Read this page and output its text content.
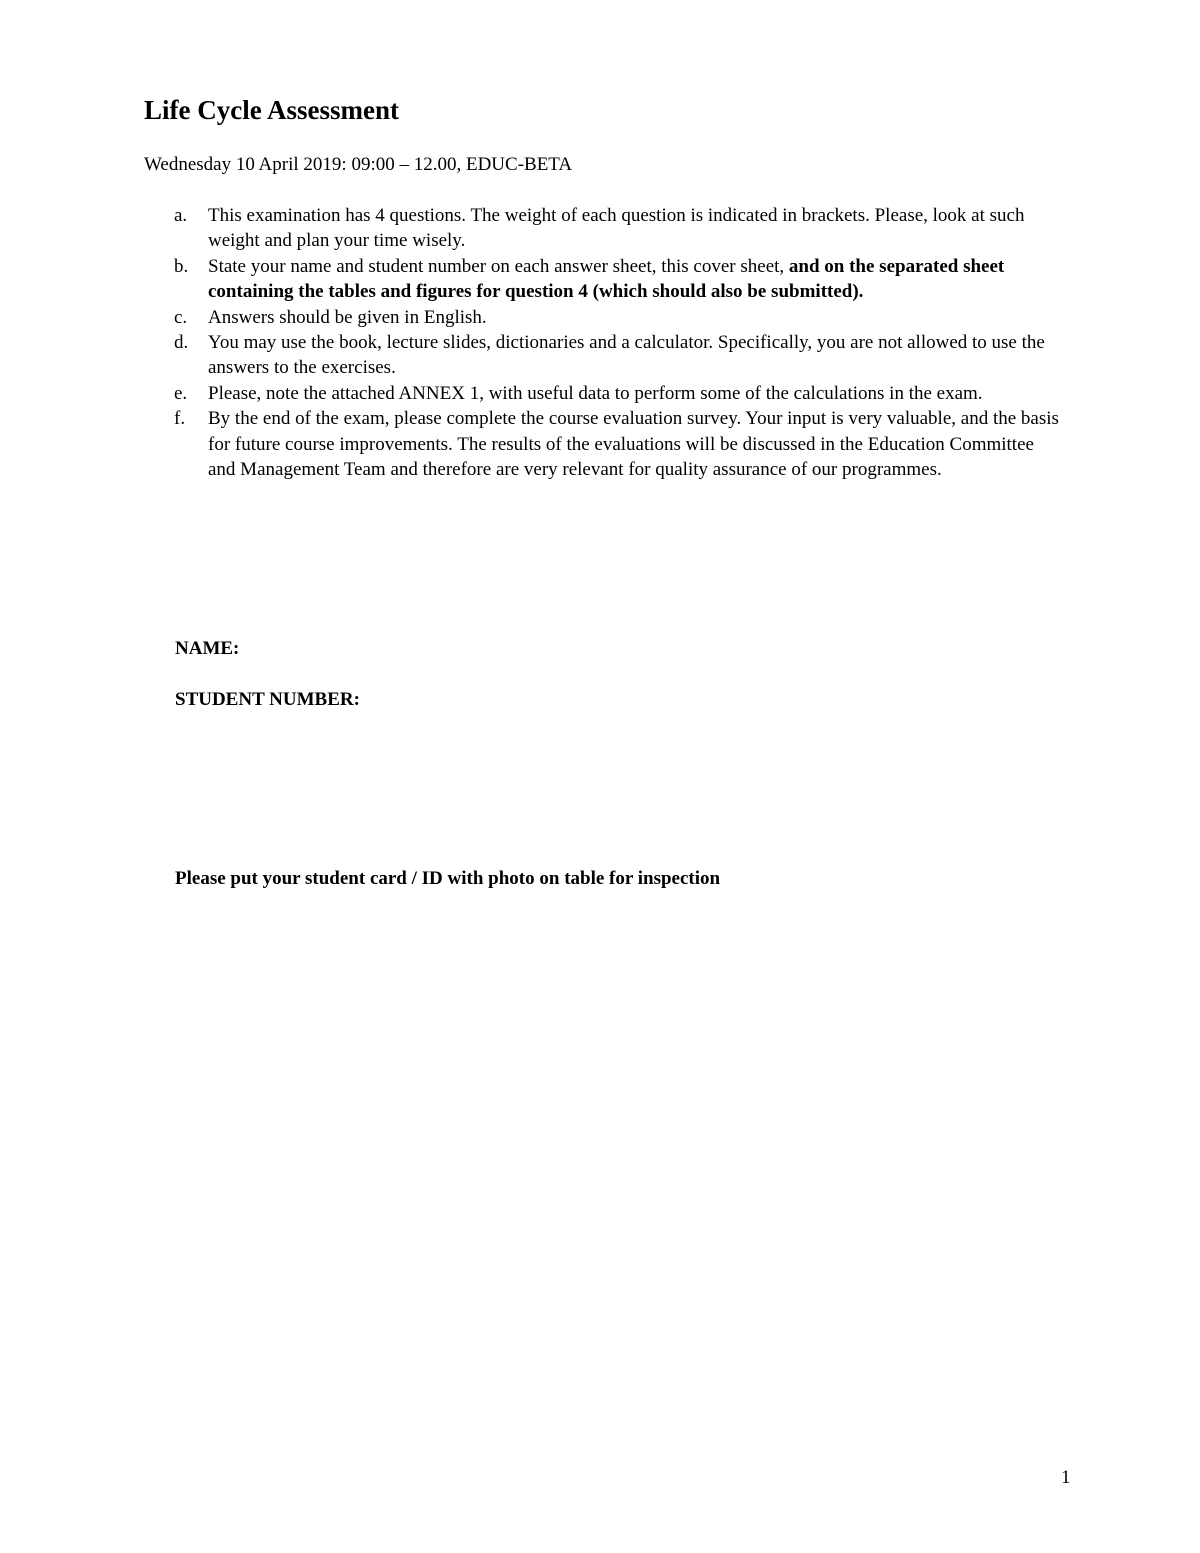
Life Cycle Assessment

Wednesday 10 April 2019: 09:00 – 12.00, EDUC-BETA

a. This examination has 4 questions. The weight of each question is indicated in brackets. Please, look at such weight and plan your time wisely.
b. State your name and student number on each answer sheet, this cover sheet, and on the separated sheet containing the tables and figures for question 4 (which should also be submitted).
c. Answers should be given in English.
d. You may use the book, lecture slides, dictionaries and a calculator. Specifically, you are not allowed to use the answers to the exercises.
e. Please, note the attached ANNEX 1, with useful data to perform some of the calculations in the exam.
f. By the end of the exam, please complete the course evaluation survey. Your input is very valuable, and the basis for future course improvements. The results of the evaluations will be discussed in the Education Committee and Management Team and therefore are very relevant for quality assurance of our programmes.

NAME:

STUDENT NUMBER:

Please put your student card / ID with photo on table for inspection

1
